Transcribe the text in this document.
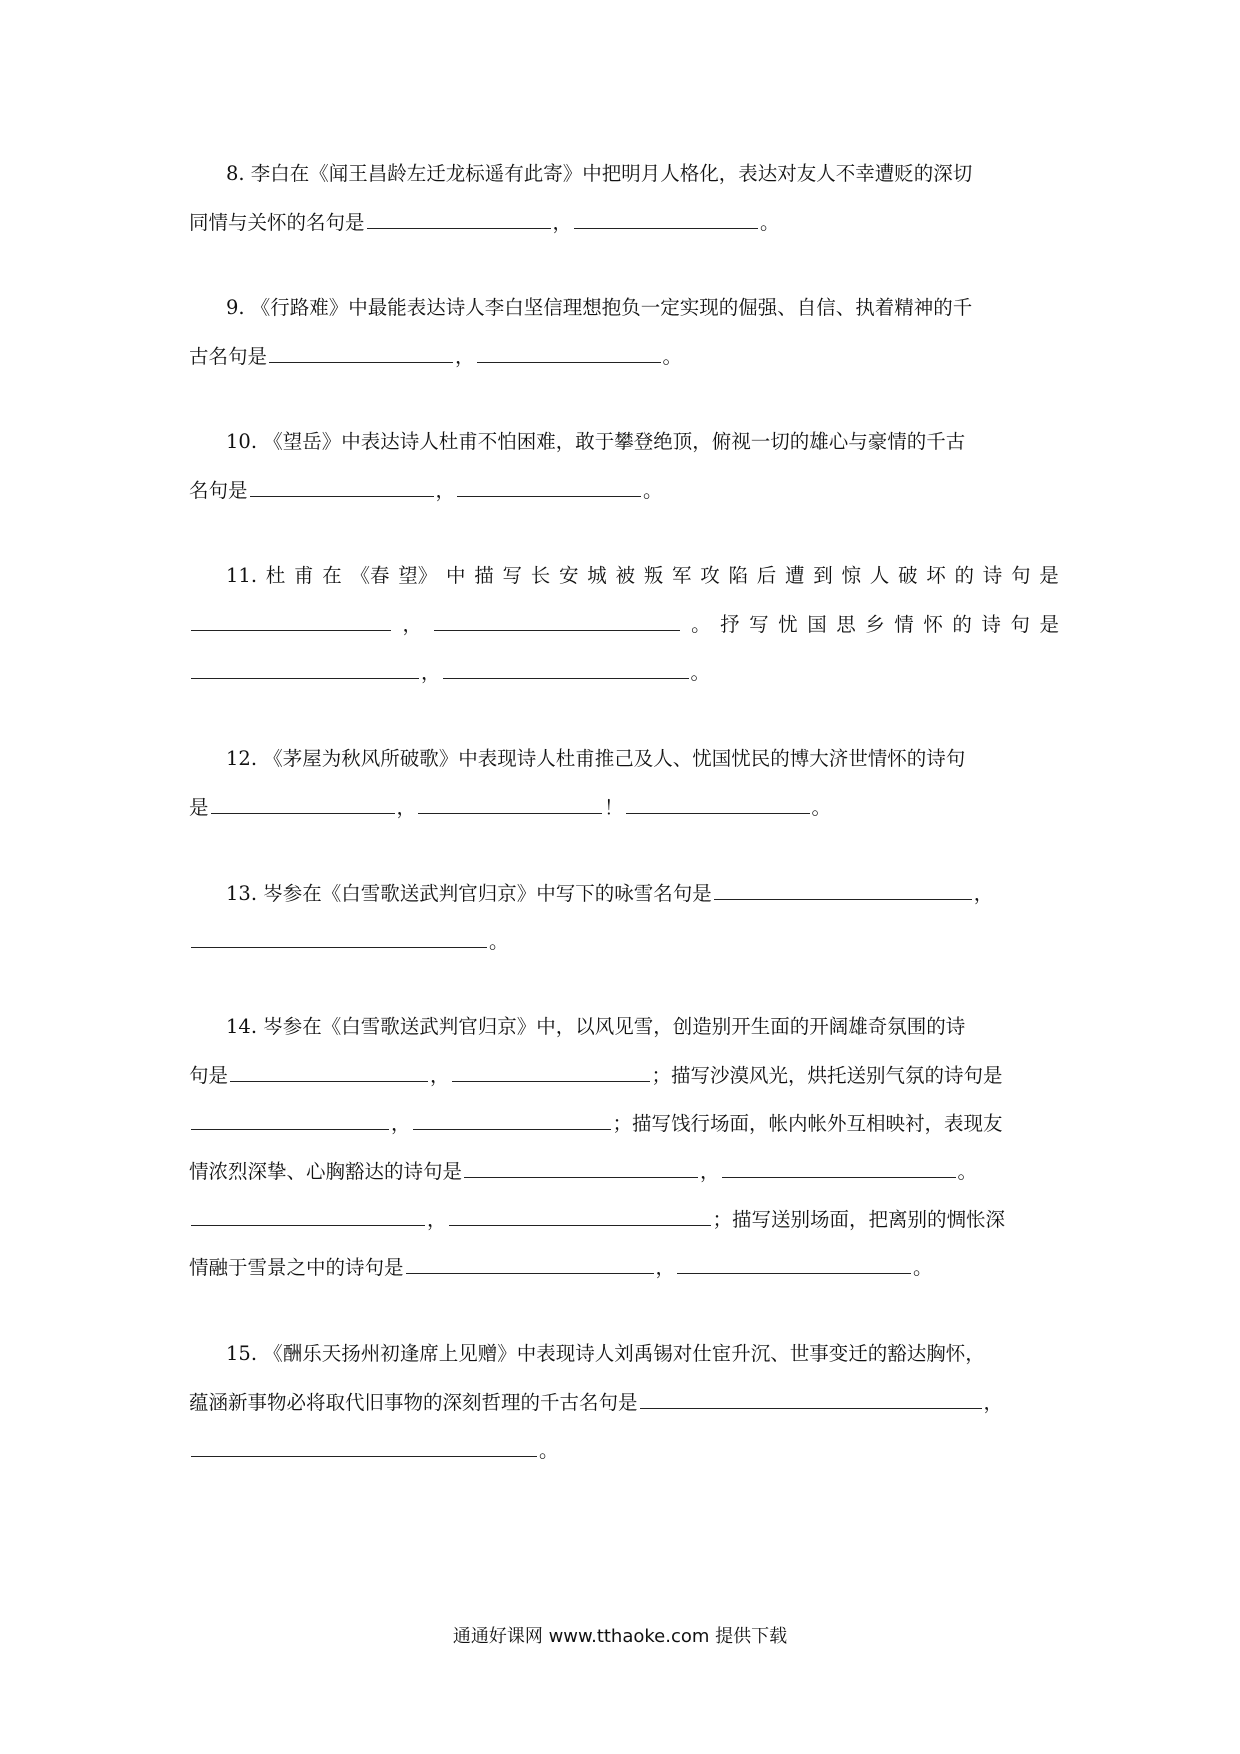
8. 李白在《闻王昌龄左迁龙标遥有此寄》中把明月人格化，表达对友人不幸遭贬的深切
同情与关怀的名句是	，	。
9. 《行路难》中最能表达诗人李白坚信理想抱负一定实现的倔强、自信、执着精神的千
古名句是	，	。
10. 《望岳》中表达诗人杜甫不怕困难，敢于攀登绝顶，俯视一切的雄心与豪情的千古
名句是	，	。
11. 杜 甫 在 《春 望》 中 描 写 长 安 城 被 叛 军 攻 陷 后 遭 到 惊 人 破 坏 的 诗 句 是
，	。 抒 写 忧 国 思 乡 情 怀 的 诗 句 是
，	。
12. 《茅屋为秋风所破歌》中表现诗人杜甫推己及人、忧国忧民的博大济世情怀的诗句
是	，	！	。
13. 岑参在《白雪歌送武判官归京》中写下的咏雪名句是	，
。
14. 岑参在《白雪歌送武判官归京》中，以风见雪，创造别开生面的开阔雄奇氛围的诗
句是	，	；描写沙漠风光，烘托送别气氛的诗句是
，	；描写饯行场面，帐内帐外互相映衬，表现友
情浓烈深挚、心胸豁达的诗句是	，	。
，	；描写送别场面，把离别的惆怅深
情融于雪景之中的诗句是	，	。
15. 《酬乐天扬州初逢席上见赠》中表现诗人刘禹锡对仕宦升沉、世事变迁的豁达胸怀，
蕴涵新事物必将取代旧事物的深刻哲理的千古名句是	，
。
通通好课网 www.tthaoke.com 提供下载
